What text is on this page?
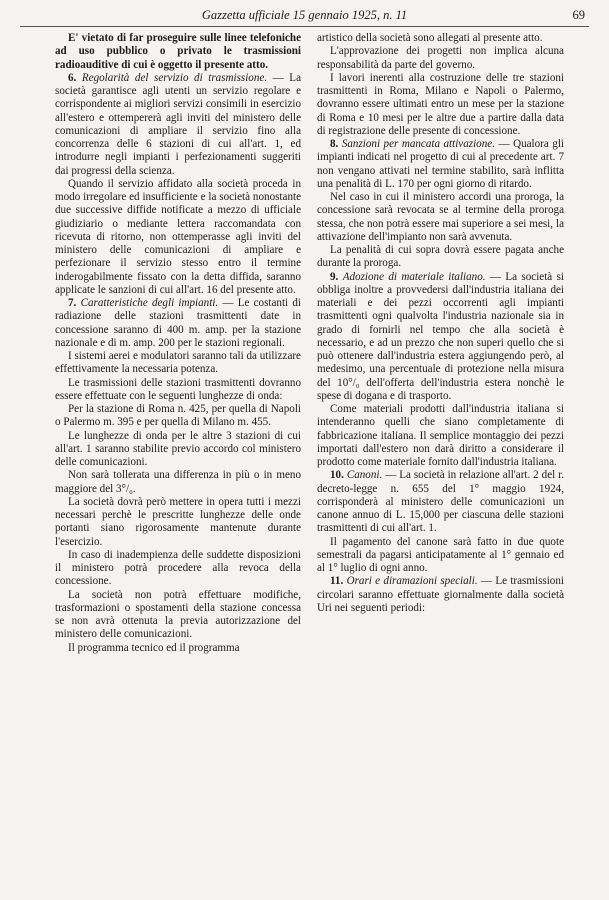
Gazzetta ufficiale 15 gennaio 1925, n. 11	69

E' vietato di far proseguire sulle linee telefoniche ad uso pubblico o privato le trasmissioni radioauditive di cui è oggetto il presente atto.

6. Regolarità del servizio di trasmissione. — La società garantisce agli utenti un servizio regolare e corrispondente ai migliori servizi consimili in esercizio all'estero e ottempererà agli inviti del ministero delle comunicazioni di ampliare il servizio fino alla concorrenza delle 6 stazioni di cui all'art. 1, ed introdurre negli impianti i perfezionamenti suggeriti dai progressi della scienza.

Quando il servizio affidato alla società proceda in modo irregolare ed insufficiente e la società nonostante due successive diffide notificate a mezzo di ufficiale giudiziario o mediante lettera raccomandata con ricevuta di ritorno, non ottemperasse agli inviti del ministero delle comunicazioni di ampliare e perfezionare il servizio stesso entro il termine inderogabilmente fissato con la detta diffida, saranno applicate le sanzioni di cui all'art. 16 del presente atto.

7. Caratteristiche degli impianti. — Le costanti di radiazione delle stazioni trasmittenti date in concessione saranno di 400 m. amp. per la stazione nazionale e di m. amp. 200 per le stazioni regionali.

I sistemi aerei e modulatori saranno tali da utilizzare effettivamente la necessaria potenza.

Le trasmissioni delle stazioni trasmittenti dovranno essere effettuate con le seguenti lunghezze di onda:

Per la stazione di Roma n. 425, per quella di Napoli o Palermo m. 395 e per quella di Milano m. 455.

Le lunghezze di onda per le altre 3 stazioni di cui all'art. 1 saranno stabilite previo accordo col ministero delle comunicazioni.

Non sarà tollerata una differenza in più o in meno maggiore del 3°/₀.

La società dovrà però mettere in opera tutti i mezzi necessari perchè le prescritte lunghezze delle onde portanti siano rigorosamente mantenute durante l'esercizio.

In caso di inadempienza delle suddette disposizioni il ministero potrà procedere alla revoca della concessione.

La società non potrà effettuare modifiche, trasformazioni o spostamenti della stazione concessa se non avrà ottenuta la previa autorizzazione del ministero delle comunicazioni.

Il programma tecnico ed il programma

artistico della società sono allegati al presente atto.

L'approvazione dei progetti non implica alcuna responsabilità da parte del governo.

I lavori inerenti alla costruzione delle tre stazioni trasmittenti in Roma, Milano e Napoli o Palermo, dovranno essere ultimati entro un mese per la stazione di Roma e 10 mesi per le altre due a partire dalla data di registrazione delle presente di concessione.

8. Sanzioni per mancata attivazione. — Qualora gli impianti indicati nel progetto di cui al precedente art. 7 non vengano attivati nel termine stabilito, sarà inflitta una penalità di L. 170 per ogni giorno di ritardo.

Nel caso in cui il ministero accordi una proroga, la concessione sarà revocata se al termine della proroga stessa, che non potrà essere mai superiore a sei mesi, la attivazione dell'impianto non sarà avvenuta.

La penalità di cui sopra dovrà essere pagata anche durante la proroga.

9. Adozione di materiale italiano. — La società si obbliga inoltre a provvedersi dall'industria italiana dei materiali e dei pezzi occorrenti agli impianti trasmittenti ogni qualvolta l'industria nazionale sia in grado di fornirli nel tempo che alla società è necessario, e ad un prezzo che non superi quello che si può ottenere dall'industria estera aggiungendo però, al medesimo, una percentuale di protezione nella misura del 10°/₀ dell'offerta dell'industria estera nonchè le spese di dogana e di trasporto.

Come materiali prodotti dall'industria italiana si intenderanno quelli che siano completamente di fabbricazione italiana. Il semplice montaggio dei pezzi importati dall'estero non darà diritto a considerare il prodotto come materiale fornito dall'industria italiana.

10. Canoni. — La società in relazione all'art. 2 del r. decreto-legge n. 655 del 1° maggio 1924, corrisponderà al ministero delle comunicazioni un canone annuo di L. 15,000 per ciascuna delle stazioni trasmittenti di cui all'art. 1.

Il pagamento del canone sarà fatto in due quote semestrali da pagarsi anticipatamente al 1° gennaio ed al 1° luglio di ogni anno.

11. Orari e diramazioni speciali. — Le trasmissioni circolari saranno effettuate giornalmente dalla società Uri nei seguenti periodi:
